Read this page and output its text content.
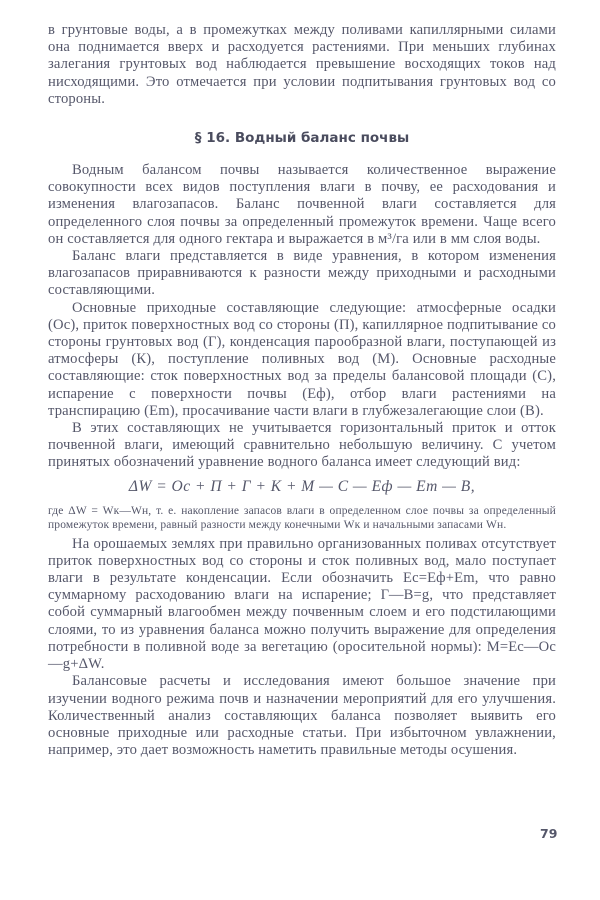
в грунтовые воды, а в промежутках между поливами капиллярными силами она поднимается вверх и расходуется растениями. При меньших глубинах залегания грунтовых вод наблюдается превышение восходящих токов над нисходящими. Это отмечается при условии подпитывания грунтовых вод со стороны.

§ 16. Водный баланс почвы

Водным балансом почвы называется количественное выражение совокупности всех видов поступления влаги в почву, ее расходования и изменения влагозапасов. Баланс почвенной влаги составляется для определенного слоя почвы за определенный промежуток времени. Чаще всего он составляется для одного гектара и выражается в м³/га или в мм слоя воды.

Баланс влаги представляется в виде уравнения, в котором изменения влагозапасов приравниваются к разности между приходными и расходными составляющими.

Основные приходные составляющие следующие: атмосферные осадки (Oc), приток поверхностных вод со стороны (П), капиллярное подпитывание со стороны грунтовых вод (Г), конденсация парообразной влаги, поступающей из атмосферы (К), поступление поливных вод (М). Основные расходные составляющие: сток поверхностных вод за пределы балансовой площади (С), испарение с поверхности почвы (Eф), отбор влаги растениями на транспирацию (Em), просачивание части влаги в глубжезалегающие слои (B).

В этих составляющих не учитывается горизонтальный приток и отток почвенной влаги, имеющий сравнительно небольшую величину. С учетом принятых обозначений уравнение водного баланса имеет следующий вид:

ΔW = Oc + П + Г + К + М — С — Eф — Em — B,

где ΔW = Wк—Wн, т. е. накопление запасов влаги в определенном слое почвы за определенный промежуток времени, равный разности между конечными Wк и начальными запасами Wн.

На орошаемых землях при правильно организованных поливах отсутствует приток поверхностных вод со стороны и сток поливных вод, мало поступает влаги в результате конденсации. Если обозначить Ec=Eф+Em, что равно суммарному расходованию влаги на испарение; Г—B=g, что представляет собой суммарный влагообмен между почвенным слоем и его подстилающими слоями, то из уравнения баланса можно получить выражение для определения потребности в поливной воде за вегетацию (оросительной нормы): M=Ec—Oc—g+ΔW.

Балансовые расчеты и исследования имеют большое значение при изучении водного режима почв и назначении мероприятий для его улучшения. Количественный анализ составляющих баланса позволяет выявить его основные приходные или расходные статьи. При избыточном увлажнении, например, это дает возможность наметить правильные методы осушения.

79
